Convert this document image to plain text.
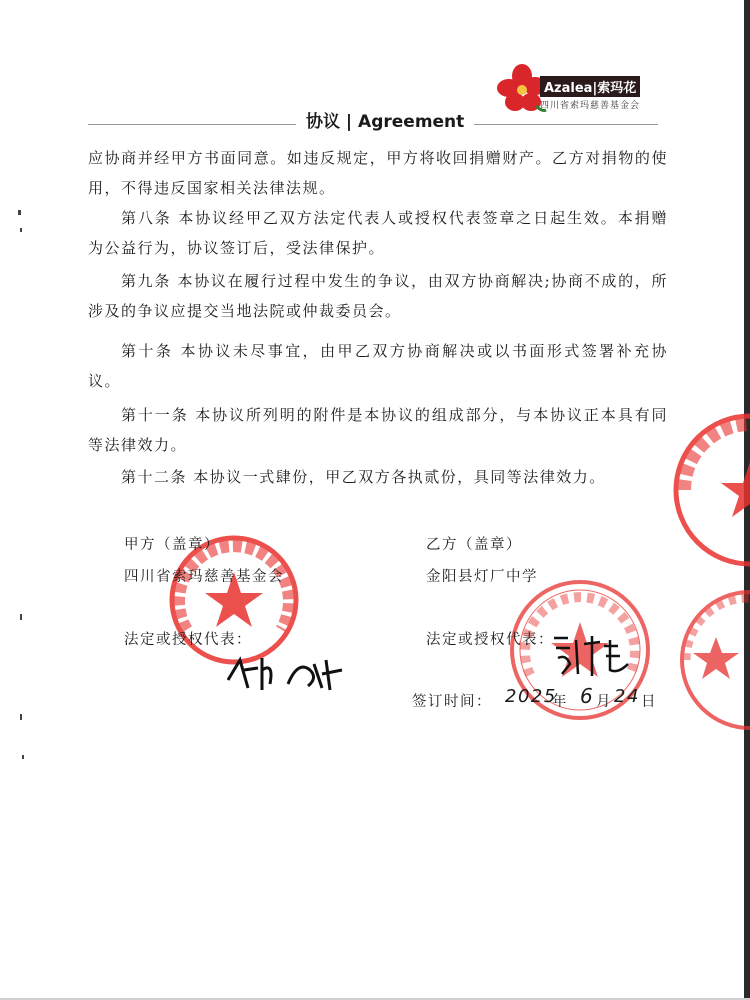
Azalea|索玛花
四川省索玛慈善基金会
协议 | Agreement

应协商并经甲方书面同意。如违反规定，甲方将收回捐赠财产。乙方对捐物的使用，不得违反国家相关法律法规。

第八条 本协议经甲乙双方法定代表人或授权代表签章之日起生效。本捐赠为公益行为，协议签订后，受法律保护。

第九条 本协议在履行过程中发生的争议，由双方协商解决;协商不成的，所涉及的争议应提交当地法院或仲裁委员会。

第十条 本协议未尽事宜，由甲乙双方协商解决或以书面形式签署补充协议。

第十一条 本协议所列明的附件是本协议的组成部分，与本协议正本具有同等法律效力。

第十二条 本协议一式肆份，甲乙双方各执贰份，具同等法律效力。

甲方（盖章）
四川省索玛慈善基金会
法定或授权代表：
乙方（盖章）
金阳县灯厂中学
法定或授权代表：
签订时间： 2025
年 6 月 24 日
